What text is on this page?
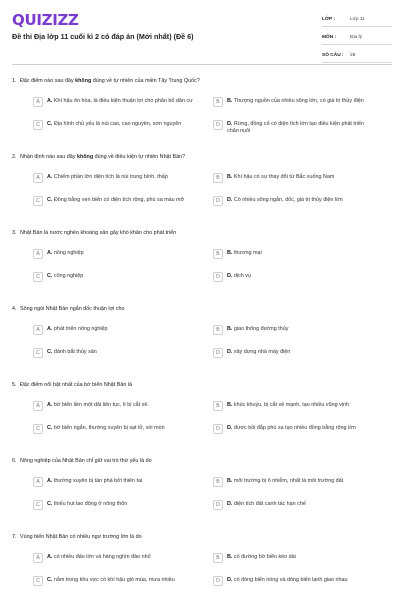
QUIZIZZ
Đề thi Địa lớp 11 cuối kì 2 có đáp án (Mới nhất) (Đề 6)
LỚP :	Lớp 11
MÔN :	Địa lý
SỐ CÂU :	28
1. Đặc điểm nào sau đây không đúng về tự nhiên của miền Tây Trung Quốc?
A	A. Khí hậu ôn hòa, là điều kiện thuận lợi cho phân bố dân cư	B	B. Thượng nguồn của nhiều sông lớn, có giá trị thủy điện
C	C. Địa hình chủ yếu là núi cao, cao nguyên, sơn nguyên	D	D. Rừng, đồng cỏ có diện tích lớn tạo điều kiện phát triển chăn nuôi
2. Nhận định nào sau đây không đúng về điều kiện tự nhiên Nhật Bản?
A	A. Chiếm phần lớn diện tích là núi trung bình, thấp	B	B. Khí hậu có sự thay đổi từ Bắc xuống Nam
C	C. Đồng bằng ven biển có diện tích rộng, phù sa màu mỡ	D	D. Có nhiều sông ngắn, dốc, giá trị thủy điện lớn
3. Nhật Bản là nước nghèo khoáng sản gây khó khăn cho phát triển
A	A. nông nghiệp	B	B. thương mại
C	C. công nghiệp	D	D. dịch vụ
4. Sông ngòi Nhật Bản ngắn dốc thuận lợi cho
A	A. phát triển nông nghiệp	B	B. giao thông đường thủy
C	C. đánh bắt thủy sản	D	D. xây dựng nhà máy điện
5. Đặc điểm nổi bật nhất của bờ biển Nhật Bản là
A	A. bờ biển liền một dải liên tục, ít bị cắt xẻ.	B	B. khúc khuỷu, bị cắt xẻ mạnh, tạo nhiều vũng vịnh
C	C. bờ biển ngắn, thường xuyên bị sạt lở, xói mòn	D	D. được bồi đắp phù sa tạo nhiều đồng bằng rộng lớn
6. Nông nghiệp của Nhật Bản chỉ giữ vai trò thứ yếu là do
A	A. thường xuyên bị tàn phá bởi thiên tai	B	B. môi trường bị ô nhiễm, nhất là môi trường đất
C	C. thiếu hụt lao động ở nông thôn	D	D. diện tích đất canh tác hạn chế
7. Vùng biển Nhật Bản có nhiều ngư trường lớn là do
A	A. có nhiều đảo lớn và hàng nghìn đảo nhỏ	B	B. có đường bờ biển kéo dài
C	C. nằm trong khu vực có khí hậu gió mùa, mưa nhiều	D	D. có dòng biển nóng và dòng biển lạnh giao nhau
